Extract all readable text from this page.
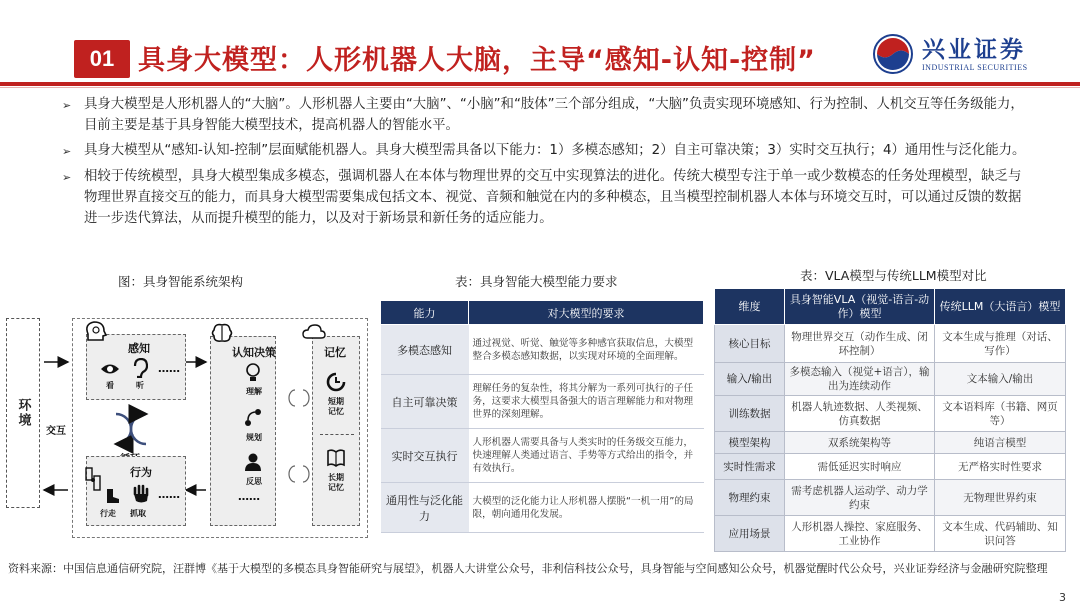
01 具身大模型：人形机器人大脑，主导“感知-认知-控制”	兴业证券
INDUSTRIAL SECURITIES
➢ 具身大模型是人形机器人的“大脑”。人形机器人主要由“大脑”、“小脑”和“肢体”三个部分组成，“大脑”负责实现环境感知、行为控制、人机交互等任务级能力，目前主要是基于具身智能大模型技术，提高机器人的智能水平。
➢ 具身大模型从“感知-认知-控制”层面赋能机器人。具身大模型需具备以下能力：1）多模态感知；2）自主可靠决策；3）实时交互执行；4）通用性与泛化能力。
➢ 相较于传统模型，具身大模型集成多模态，强调机器人在本体与物理世界的交互中实现算法的进化。传统大模型专注于单一或少数模态的任务处理模型，缺乏与物理世界直接交互的能力，而具身大模型需要集成包括文本、视觉、音频和触觉在内的多种模态，且当模型控制机器人本体与环境交互时，可以通过反馈的数据进一步迭代算法，从而提升模型的能力，以及对于新场景和新任务的适应能力。
图：具身智能系统架构	表：具身智能大模型能力要求	表：VLA模型与传统LLM模型对比
环境
交互
感知
……
看	听
行为
……
行走 抓取
认知决策
理解
规划
反思
……
记忆
短期
记忆
长期
记忆
能力	对大模型的要求
多模态感知	通过视觉、听觉、触觉等多种感官获取信息，大模型整合多模态感知数据，以实现对环境的全面理解。
自主可靠决策	理解任务的复杂性，将其分解为一系列可执行的子任务，这要求大模型具备强大的语言理解能力和对物理世界的深刻理解。
实时交互执行	人形机器人需要具备与人类实时的任务级交互能力，快速理解人类通过语言、手势等方式给出的指令，并有效执行。
通用性与泛化能力	大模型的泛化能力让人形机器人摆脱“一机一用”的局限，朝向通用化发展。
维度	具身智能VLA（视觉-语言-动作）模型	传统LLM（大语言）模型
核心目标	物理世界交互（动作生成、闭环控制）	文本生成与推理（对话、写作）
输入/输出	多模态输入（视觉+语言），输出为连续动作	文本输入/输出
训练数据	机器人轨迹数据、人类视频、仿真数据	文本语料库（书籍、网页等）
模型架构	双系统架构等	纯语言模型
实时性需求	需低延迟实时响应	无严格实时性要求
物理约束	需考虑机器人运动学、动力学约束	无物理世界约束
应用场景	人形机器人操控、家庭服务、工业协作	文本生成、代码辅助、知识问答
资料来源：中国信息通信研究院，汪群博《基于大模型的多模态具身智能研究与展望》，机器人大讲堂公众号，非利信科技公众号，具身智能与空间感知公众号，机器觉醒时代公众号，兴业证券经济与金融研究院整理
3
